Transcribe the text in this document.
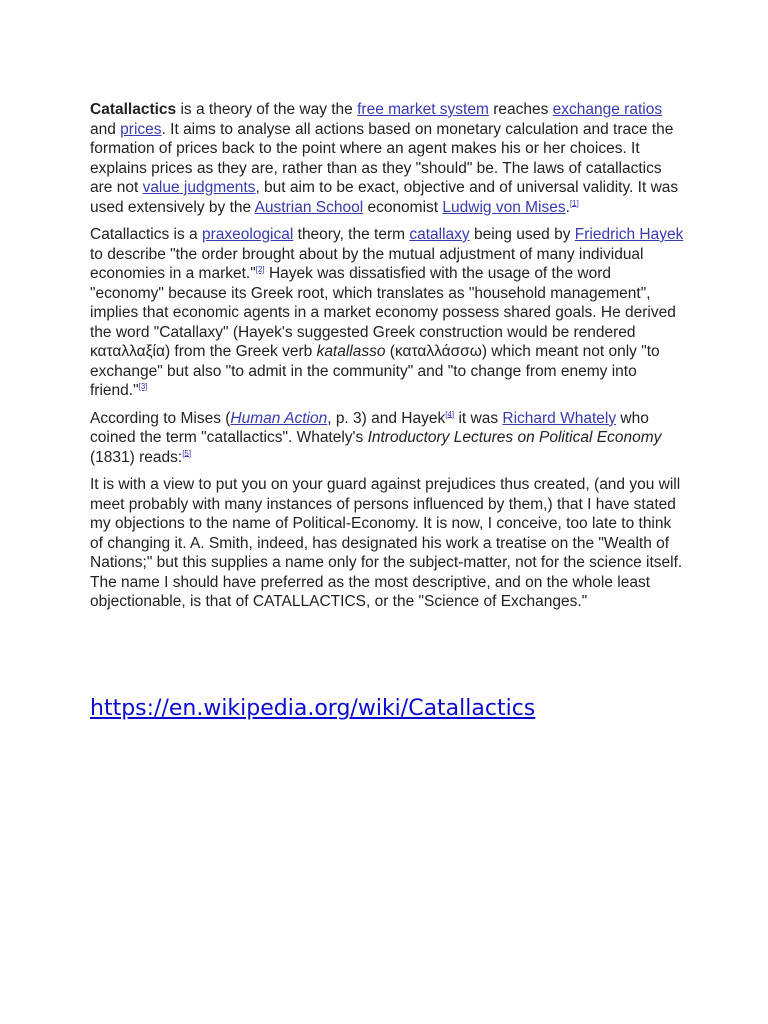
Catallactics is a theory of the way the free market system reaches exchange ratios and prices. It aims to analyse all actions based on monetary calculation and trace the formation of prices back to the point where an agent makes his or her choices. It explains prices as they are, rather than as they "should" be. The laws of catallactics are not value judgments, but aim to be exact, objective and of universal validity. It was used extensively by the Austrian School economist Ludwig von Mises.[1]

Catallactics is a praxeological theory, the term catallaxy being used by Friedrich Hayek to describe "the order brought about by the mutual adjustment of many individual economies in a market."[2] Hayek was dissatisfied with the usage of the word "economy" because its Greek root, which translates as "household management", implies that economic agents in a market economy possess shared goals. He derived the word "Catallaxy" (Hayek's suggested Greek construction would be rendered καταλλαξία) from the Greek verb katallasso (καταλλάσσω) which meant not only "to exchange" but also "to admit in the community" and "to change from enemy into friend."[3]

According to Mises (Human Action, p. 3) and Hayek[4] it was Richard Whately who coined the term "catallactics". Whately's Introductory Lectures on Political Economy (1831) reads:[5]

It is with a view to put you on your guard against prejudices thus created, (and you will meet probably with many instances of persons influenced by them,) that I have stated my objections to the name of Political-Economy. It is now, I conceive, too late to think of changing it. A. Smith, indeed, has designated his work a treatise on the "Wealth of Nations;" but this supplies a name only for the subject-matter, not for the science itself. The name I should have preferred as the most descriptive, and on the whole least objectionable, is that of CATALLACTICS, or the "Science of Exchanges."

https://en.wikipedia.org/wiki/Catallactics
